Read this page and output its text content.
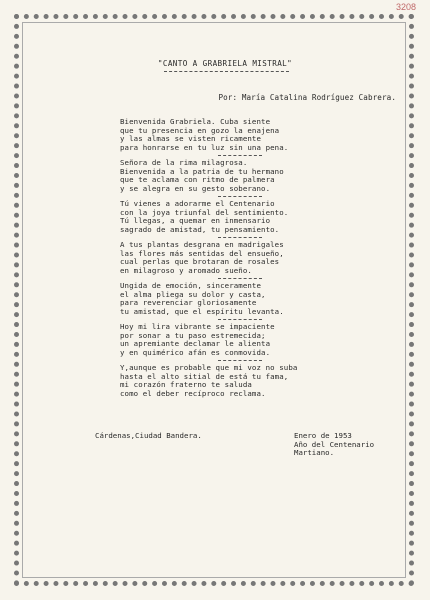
3208
"CANTO A GRABRIELA MISTRAL"
Por: María Catalina Rodríguez Cabrera.
Bienvenida Grabriela. Cuba siente
que tu presencia en gozo la enajena
y las almas se visten ricamente
para honrarse en tu luz sin una pena.
Señora de la rima milagrosa.
Bienvenida a la patria de tu hermano
que te aclama con ritmo de palmera
y se alegra en su gesto soberano.
Tú vienes a adorarme el Centenario
con la joya triunfal del sentimiento.
Tú llegas, a quemar en inmensario
sagrado de amistad, tu pensamiento.
A tus plantas desgrana en madrigales
las flores más sentidas del ensueño,
cual perlas que brotaran de rosales
en milagroso y aromado sueño.
Ungida de emoción, sinceramente
el alma pliega su dolor y casta,
para reverenciar gloriosamente
tu amistad, que el espíritu levanta.
Hoy mi lira vibrante se impaciente
por sonar a tu paso estremecida;
un apremiante declamar le alienta
y en quimérico afán es conmovida.
Y,aunque es probable que mi voz no suba
hasta el alto sitial de está tu fama,
mi corazón fraterno te saluda
como el deber recíproco reclama.
Cárdenas,Ciudad Bandera.	Enero de 1953
Año del Centenario
Martiano.
